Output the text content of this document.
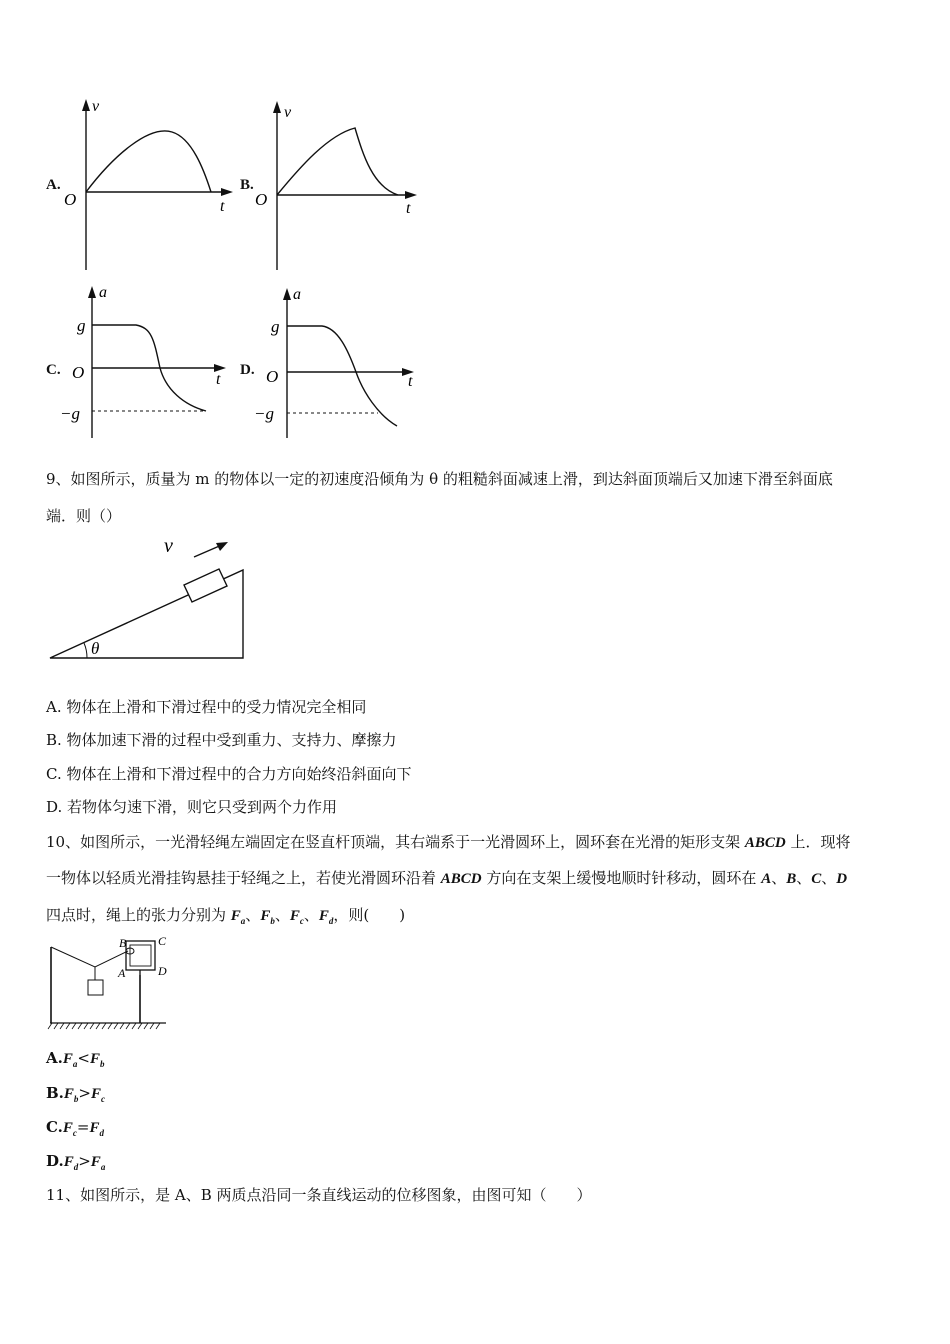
A.
v
t
O
B.
v
t
O
C.
a
t
O
g
−g
D.
a
t
O
g
−g
9、如图所示，质量为 m 的物体以一定的初速度沿倾角为 θ 的粗糙斜面减速上滑，到达斜面顶端后又加速下滑至斜面底
端．则（）
v
θ
A. 物体在上滑和下滑过程中的受力情况完全相同
B. 物体加速下滑的过程中受到重力、支持力、摩擦力
C. 物体在上滑和下滑过程中的合力方向始终沿斜面向下
D. 若物体匀速下滑，则它只受到两个力作用
10、如图所示，一光滑轻绳左端固定在竖直杆顶端，其右端系于一光滑圆环上，圆环套在光滑的矩形支架 ABCD 上．现将
一物体以轻质光滑挂钩悬挂于轻绳之上，若使光滑圆环沿着 ABCD 方向在支架上缓慢地顺时针移动，圆环在 A、B、C、D
四点时，绳上的张力分别为 $F_a$、$F_b$、$F_c$、$F_d$，则(　　)
A
B	C
D
$A.F_a<F_b$
$B.F_b>F_c$
$C.F_c=F_d$
$D.F_d>F_a$
11、如图所示，是 A、B 两质点沿同一条直线运动的位移图象，由图可知（　　）
